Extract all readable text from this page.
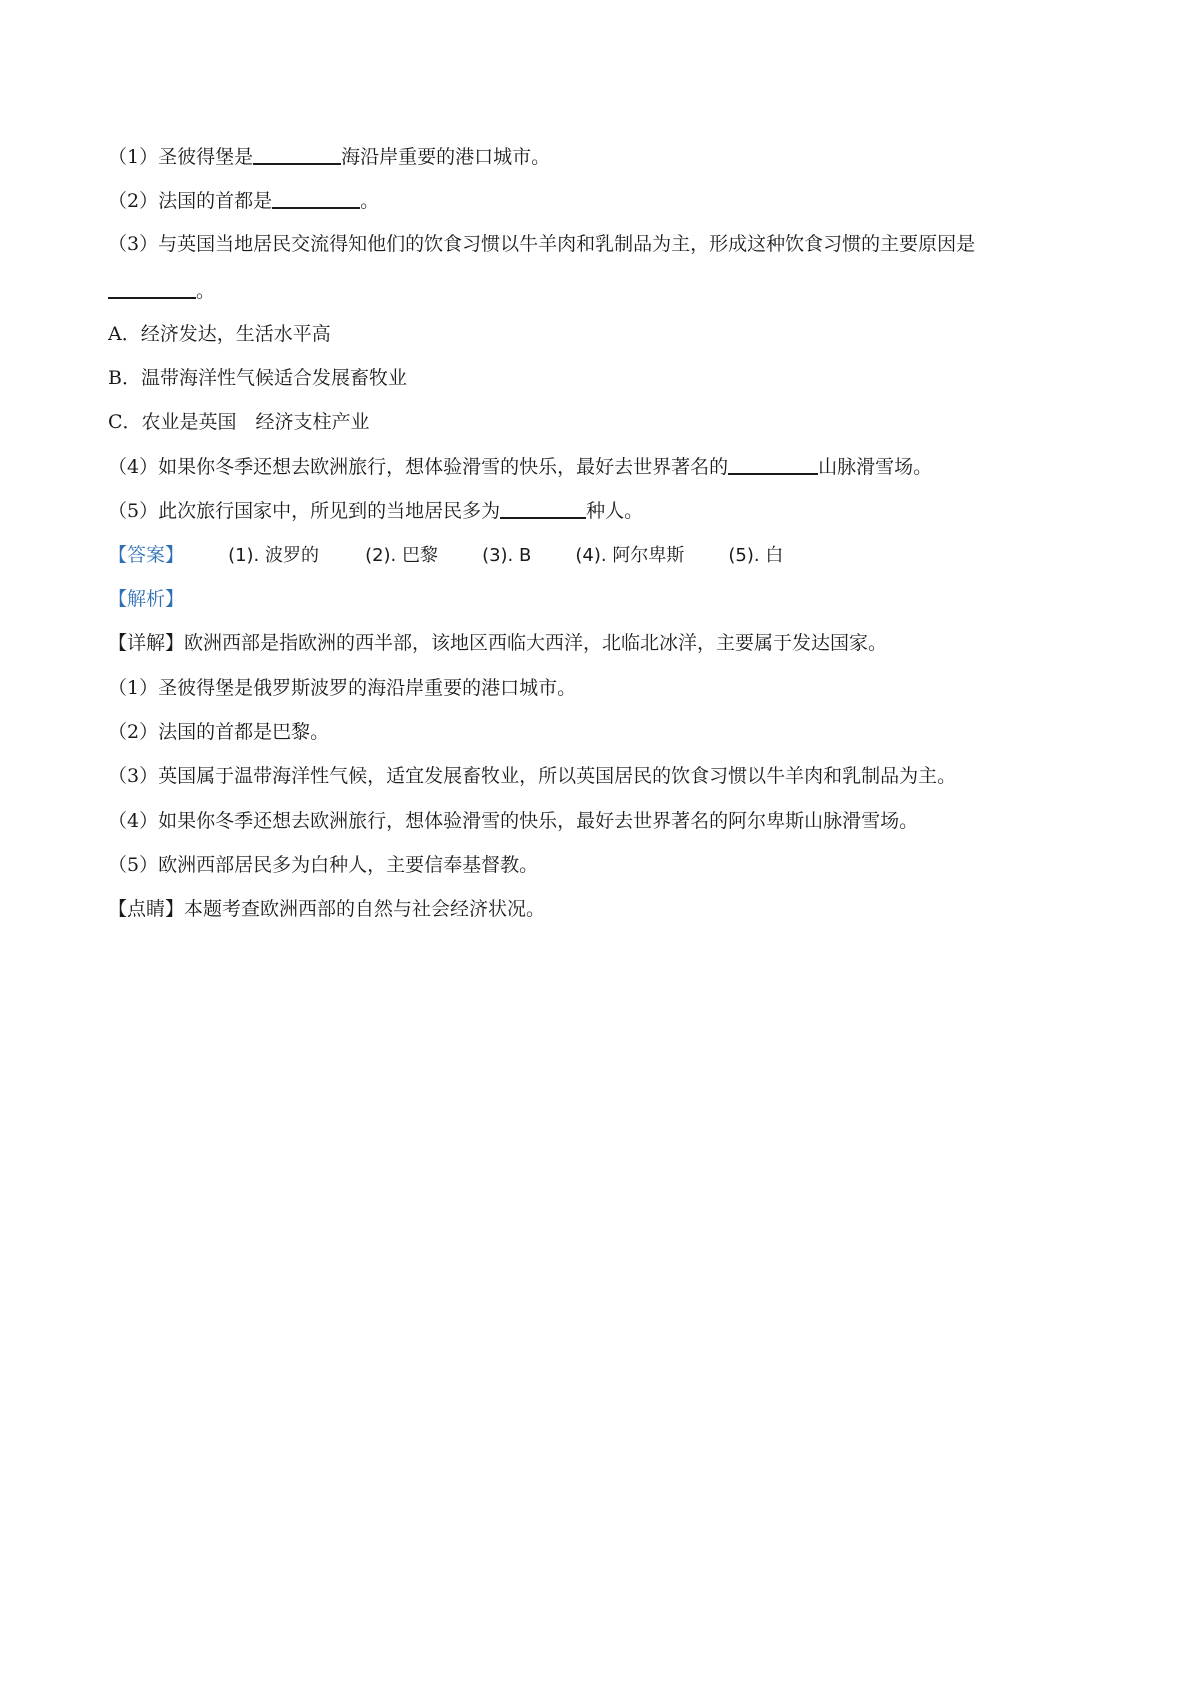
（1）圣彼得堡是	海沿岸重要的港口城市。
（2）法国的首都是	。
（3）与英国当地居民交流得知他们的饮食习惯以牛羊肉和乳制品为主，形成这种饮食习惯的主要原因是
。
A．经济发达，生活水平高
B．温带海洋性气候适合发展畜牧业
C．农业是英国　经济支柱产业
（4）如果你冬季还想去欧洲旅行，想体验滑雪的快乐，最好去世界著名的	山脉滑雪场。
（5）此次旅行国家中，所见到的当地居民多为	种人。
【答案】 (1). 波罗的	(2). 巴黎 (3). B (4). 阿尔卑斯 (5). 白
【解析】
【详解】欧洲西部是指欧洲的西半部，该地区西临大西洋，北临北冰洋，主要属于发达国家。
（1）圣彼得堡是俄罗斯波罗的海沿岸重要的港口城市。
（2）法国的首都是巴黎。
（3）英国属于温带海洋性气候，适宜发展畜牧业，所以英国居民的饮食习惯以牛羊肉和乳制品为主。
（4）如果你冬季还想去欧洲旅行，想体验滑雪的快乐，最好去世界著名的阿尔卑斯山脉滑雪场。
（5）欧洲西部居民多为白种人，主要信奉基督教。
【点睛】本题考查欧洲西部的自然与社会经济状况。
